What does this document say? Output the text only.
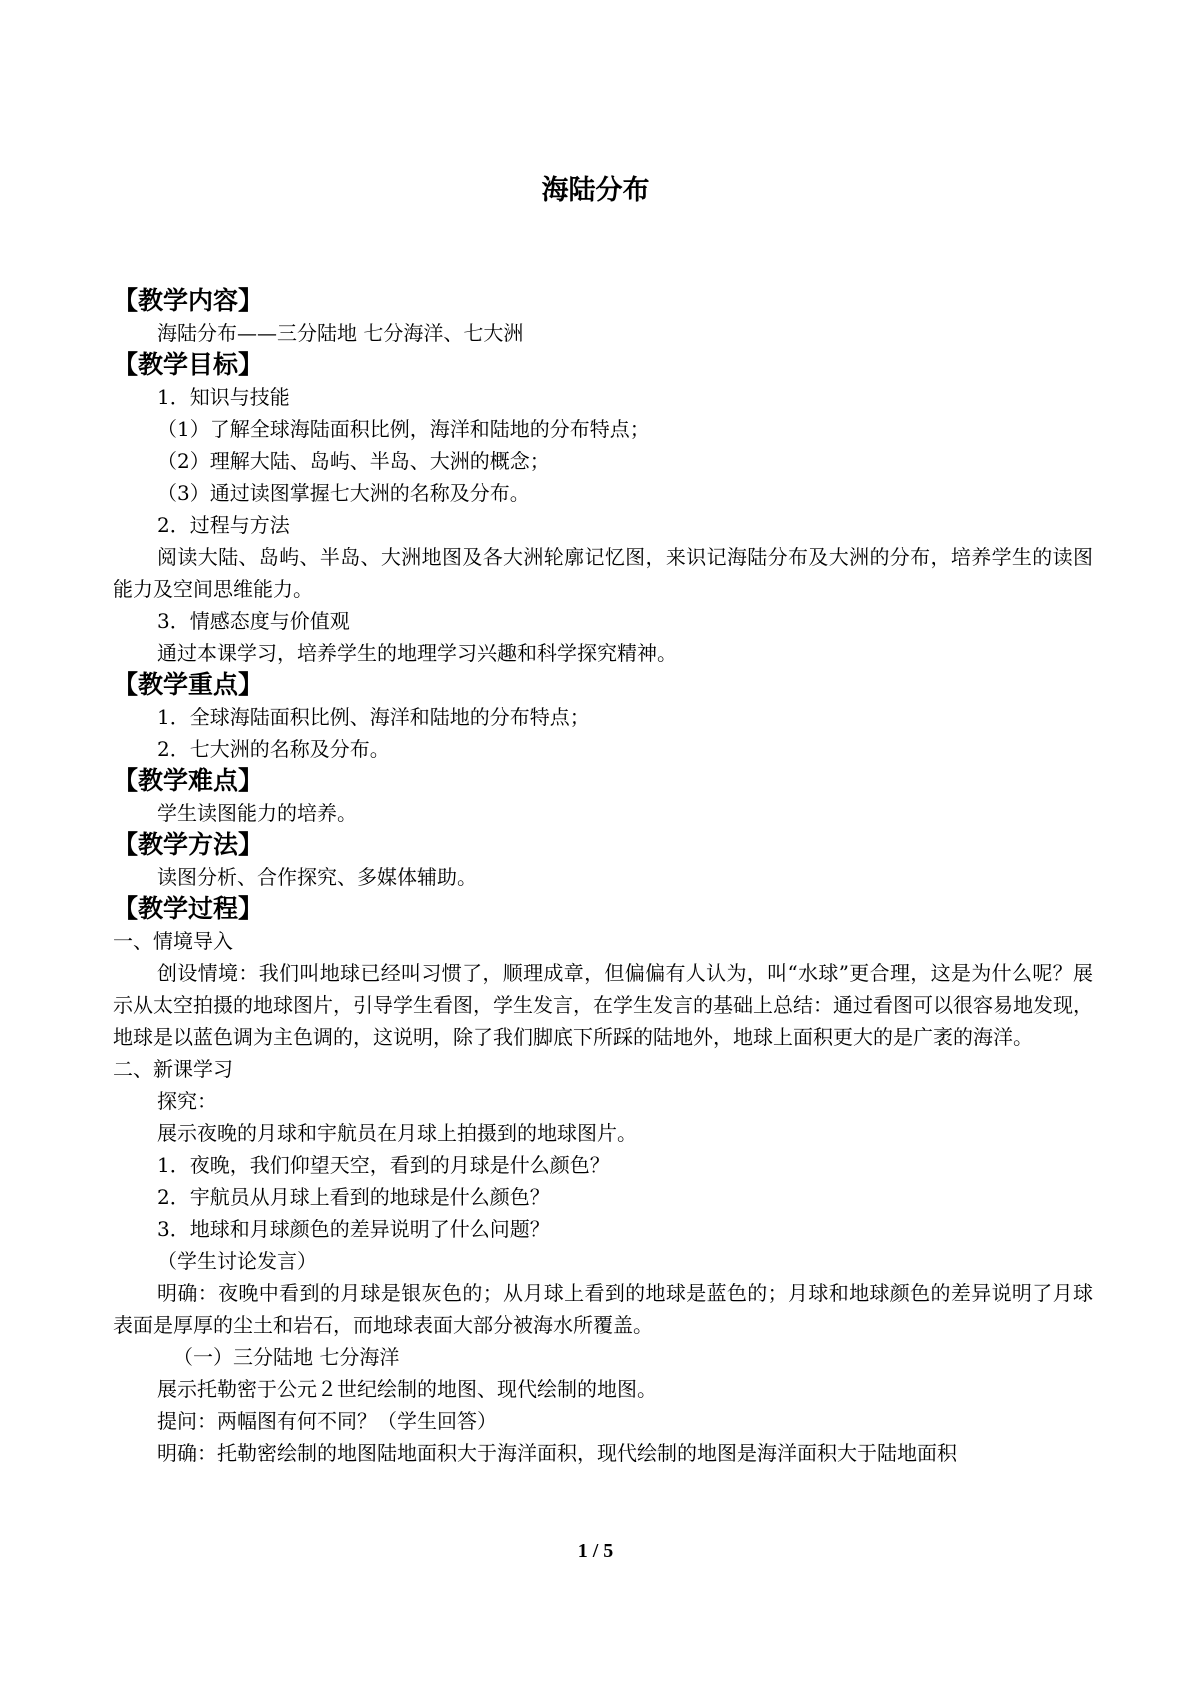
海陆分布

【教学内容】

海陆分布——三分陆地 七分海洋、七大洲

【教学目标】

1．知识与技能

（1）了解全球海陆面积比例，海洋和陆地的分布特点；

（2）理解大陆、岛屿、半岛、大洲的概念；

（3）通过读图掌握七大洲的名称及分布。

2．过程与方法

阅读大陆、岛屿、半岛、大洲地图及各大洲轮廓记忆图，来识记海陆分布及大洲的分布，培养学生的读图能力及空间思维能力。

3．情感态度与价值观

通过本课学习，培养学生的地理学习兴趣和科学探究精神。

【教学重点】

1．全球海陆面积比例、海洋和陆地的分布特点；

2．七大洲的名称及分布。

【教学难点】

学生读图能力的培养。

【教学方法】

读图分析、合作探究、多媒体辅助。

【教学过程】

一、情境导入

创设情境：我们叫地球已经叫习惯了，顺理成章，但偏偏有人认为，叫“水球”更合理，这是为什么呢？展示从太空拍摄的地球图片，引导学生看图，学生发言，在学生发言的基础上总结：通过看图可以很容易地发现，地球是以蓝色调为主色调的，这说明，除了我们脚底下所踩的陆地外，地球上面积更大的是广袤的海洋。

二、新课学习

探究：

展示夜晚的月球和宇航员在月球上拍摄到的地球图片。

1．夜晚，我们仰望天空，看到的月球是什么颜色？

2．宇航员从月球上看到的地球是什么颜色？

3．地球和月球颜色的差异说明了什么问题？

（学生讨论发言）

明确：夜晚中看到的月球是银灰色的；从月球上看到的地球是蓝色的；月球和地球颜色的差异说明了月球表面是厚厚的尘土和岩石，而地球表面大部分被海水所覆盖。

（一）三分陆地 七分海洋

展示托勒密于公元２世纪绘制的地图、现代绘制的地图。

提问：两幅图有何不同？（学生回答）

明确：托勒密绘制的地图陆地面积大于海洋面积，现代绘制的地图是海洋面积大于陆地面积

1 / 5
